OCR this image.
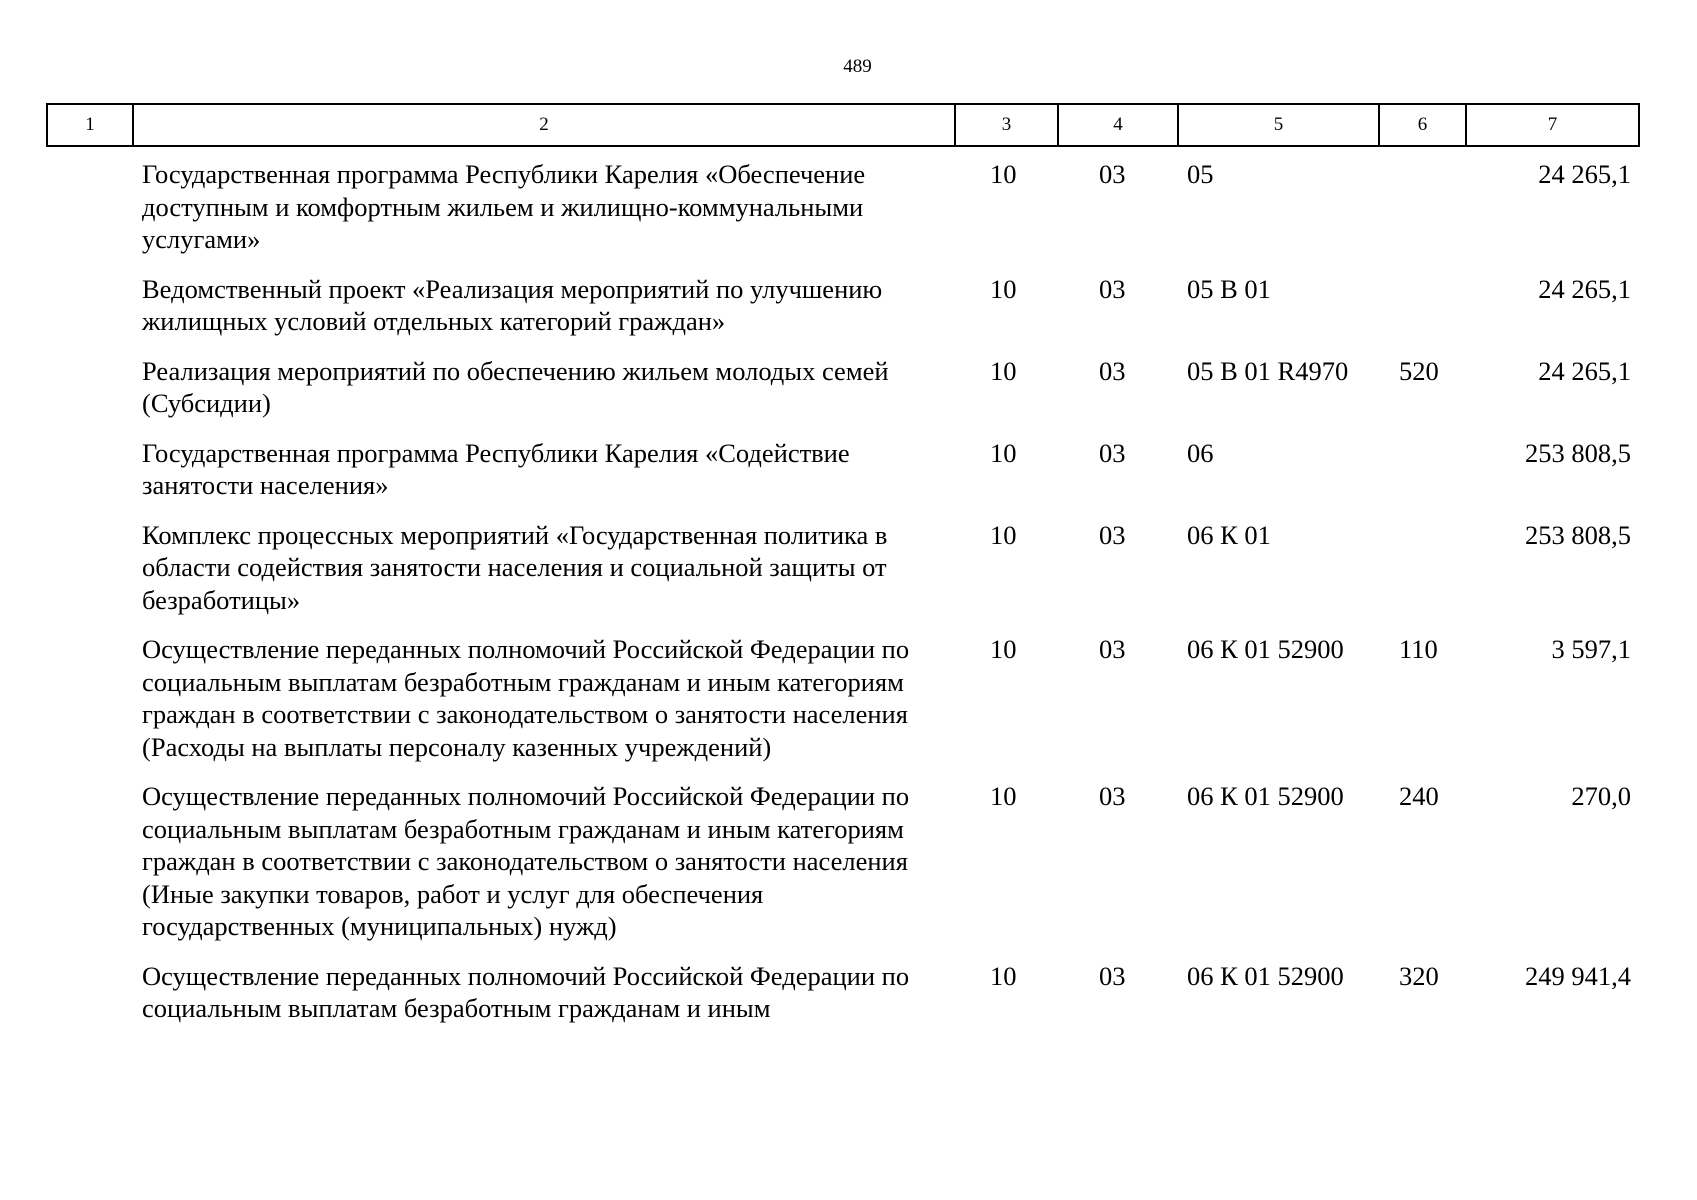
489
1	2	3	4	5	6	7
	Государственная программа Республики Карелия «Обеспечение доступным и комфортным жильем и жилищно-коммунальными услугами»	10	03	05		24 265,1
	Ведомственный проект «Реализация мероприятий по улучшению жилищных условий отдельных категорий граждан»	10	03	05 В 01		24 265,1
	Реализация мероприятий по обеспечению жильем молодых семей (Субсидии)	10	03	05 В 01 R4970	520	24 265,1
	Государственная программа Республики Карелия «Содействие занятости населения»	10	03	06		253 808,5
	Комплекс процессных мероприятий «Государственная политика в области содействия занятости населения и социальной защиты от безработицы»	10	03	06 К 01		253 808,5
	Осуществление переданных полномочий Российской Федерации по социальным выплатам безработным гражданам и иным категориям граждан в соответствии с законодательством о занятости населения (Расходы на выплаты персоналу казенных учреждений)	10	03	06 К 01 52900	110	3 597,1
	Осуществление переданных полномочий Российской Федерации по социальным выплатам безработным гражданам и иным категориям граждан в соответствии с законодательством о занятости населения (Иные закупки товаров, работ и услуг для обеспечения государственных (муниципальных) нужд)	10	03	06 К 01 52900	240	270,0
	Осуществление переданных полномочий Российской Федерации по социальным выплатам безработным гражданам и иным	10	03	06 К 01 52900	320	249 941,4
